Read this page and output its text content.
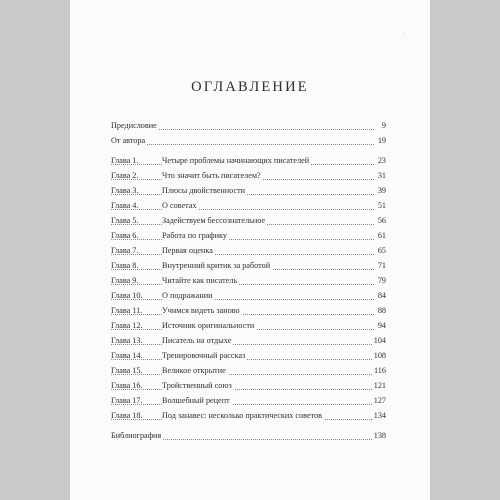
˙
ОГЛАВЛЕНИЕ
Предисловие	9
От автора	19
Глава 1.	Четыре проблемы начинающих писателей	23
Глава 2.	Что значит быть писателем?	31
Глава 3.	Плюсы двойственности	39
Глава 4.	О советах	51
Глава 5.	Задействуем бессознательное	56
Глава 6.	Работа по графику	61
Глава 7.	Первая оценка	65
Глава 8.	Внутренний критик за работой	71
Глава 9.	Читайте как писатель	79
Глава 10.	О подражании	84
Глава 11.	Учимся видеть заново	88
Глава 12.	Источник оригинальности	94
Глава 13.	Писатель на отдыхе	104
Глава 14.	Тренировочный рассказ	108
Глава 15.	Великое открытие	116
Глава 16.	Тройственный союз	121
Глава 17.	Волшебный рецепт	127
Глава 18.	Под занавес: несколько практических советов	134
Библиография	138
